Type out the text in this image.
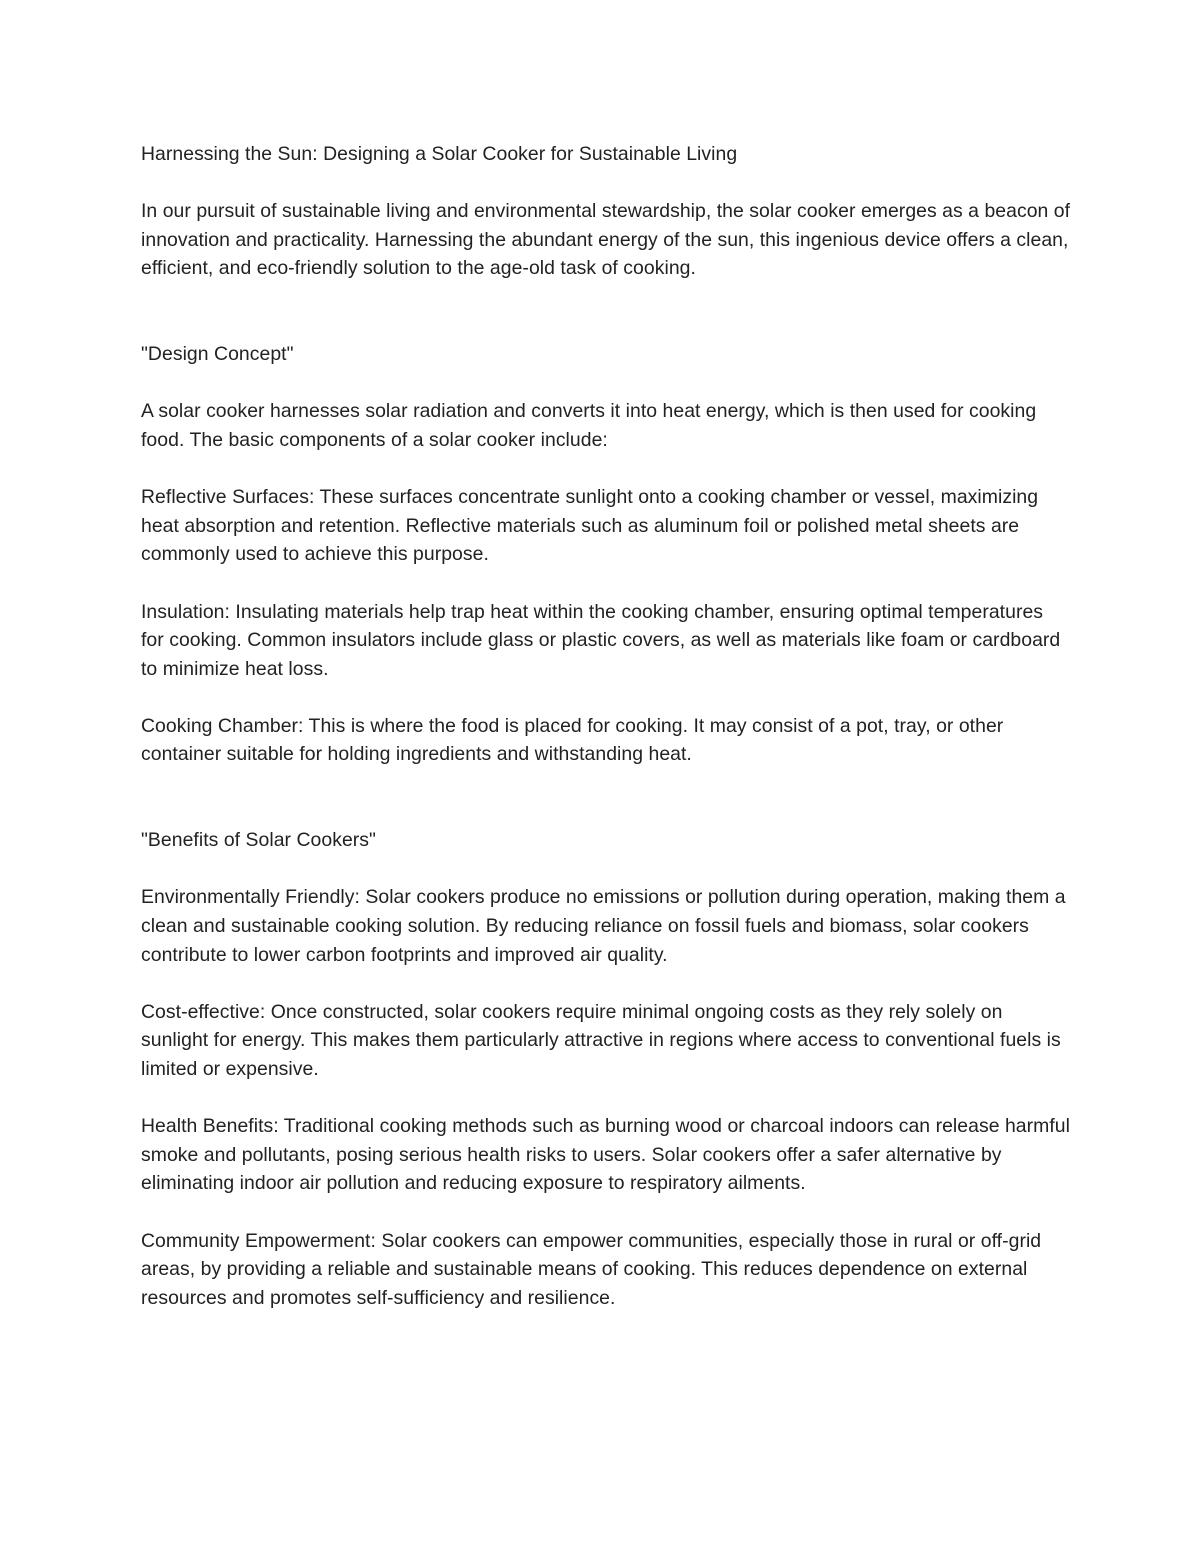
Harnessing the Sun: Designing a Solar Cooker for Sustainable Living

In our pursuit of sustainable living and environmental stewardship, the solar cooker emerges as a beacon of innovation and practicality. Harnessing the abundant energy of the sun, this ingenious device offers a clean, efficient, and eco-friendly solution to the age-old task of cooking.

"Design Concept"

A solar cooker harnesses solar radiation and converts it into heat energy, which is then used for cooking food. The basic components of a solar cooker include:

Reflective Surfaces: These surfaces concentrate sunlight onto a cooking chamber or vessel, maximizing heat absorption and retention. Reflective materials such as aluminum foil or polished metal sheets are commonly used to achieve this purpose.

Insulation: Insulating materials help trap heat within the cooking chamber, ensuring optimal temperatures for cooking. Common insulators include glass or plastic covers, as well as materials like foam or cardboard to minimize heat loss.

Cooking Chamber: This is where the food is placed for cooking. It may consist of a pot, tray, or other container suitable for holding ingredients and withstanding heat.

"Benefits of Solar Cookers"

Environmentally Friendly: Solar cookers produce no emissions or pollution during operation, making them a clean and sustainable cooking solution. By reducing reliance on fossil fuels and biomass, solar cookers contribute to lower carbon footprints and improved air quality.

Cost-effective: Once constructed, solar cookers require minimal ongoing costs as they rely solely on sunlight for energy. This makes them particularly attractive in regions where access to conventional fuels is limited or expensive.

Health Benefits: Traditional cooking methods such as burning wood or charcoal indoors can release harmful smoke and pollutants, posing serious health risks to users. Solar cookers offer a safer alternative by eliminating indoor air pollution and reducing exposure to respiratory ailments.

Community Empowerment: Solar cookers can empower communities, especially those in rural or off-grid areas, by providing a reliable and sustainable means of cooking. This reduces dependence on external resources and promotes self-sufficiency and resilience.
